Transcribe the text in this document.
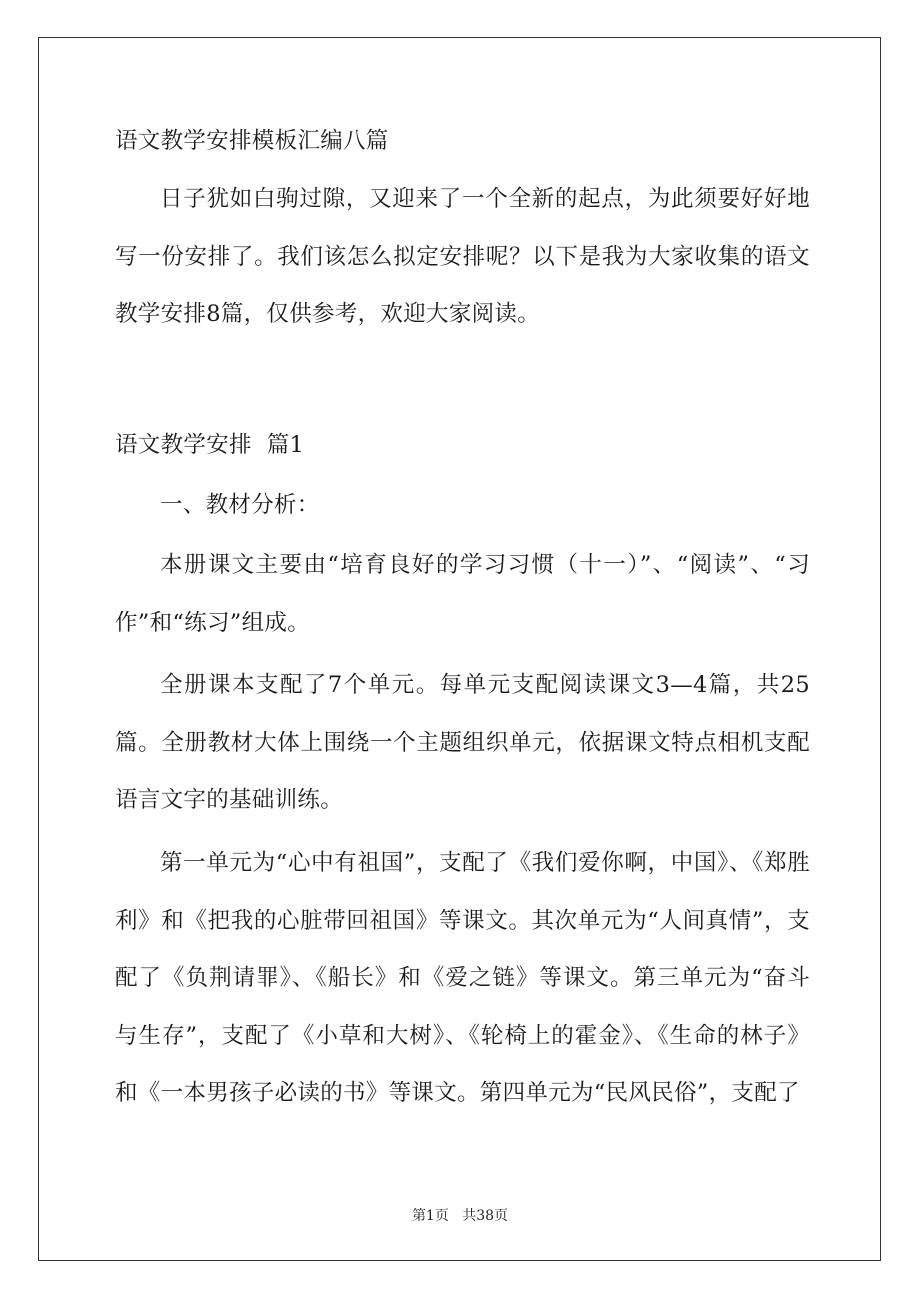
语文教学安排模板汇编八篇

日子犹如白驹过隙，又迎来了一个全新的起点，为此须要好好地写一份安排了。我们该怎么拟定安排呢？以下是我为大家收集的语文教学安排8篇，仅供参考，欢迎大家阅读。

语文教学安排  篇1

一、教材分析：

本册课文主要由“培育良好的学习习惯（十一）”、“阅读”、“习作”和“练习”组成。

全册课本支配了7个单元。每单元支配阅读课文3—4篇，共25篇。全册教材大体上围绕一个主题组织单元，依据课文特点相机支配语言文字的基础训练。

第一单元为“心中有祖国”，支配了《我们爱你啊，中国》、《郑胜利》和《把我的心脏带回祖国》等课文。其次单元为“人间真情”，支配了《负荆请罪》、《船长》和《爱之链》等课文。第三单元为“奋斗与生存”，支配了《小草和大树》、《轮椅上的霍金》、《生命的林子》和《一本男孩子必读的书》等课文。第四单元为“民风民俗”，支配了

第1页 共38页
